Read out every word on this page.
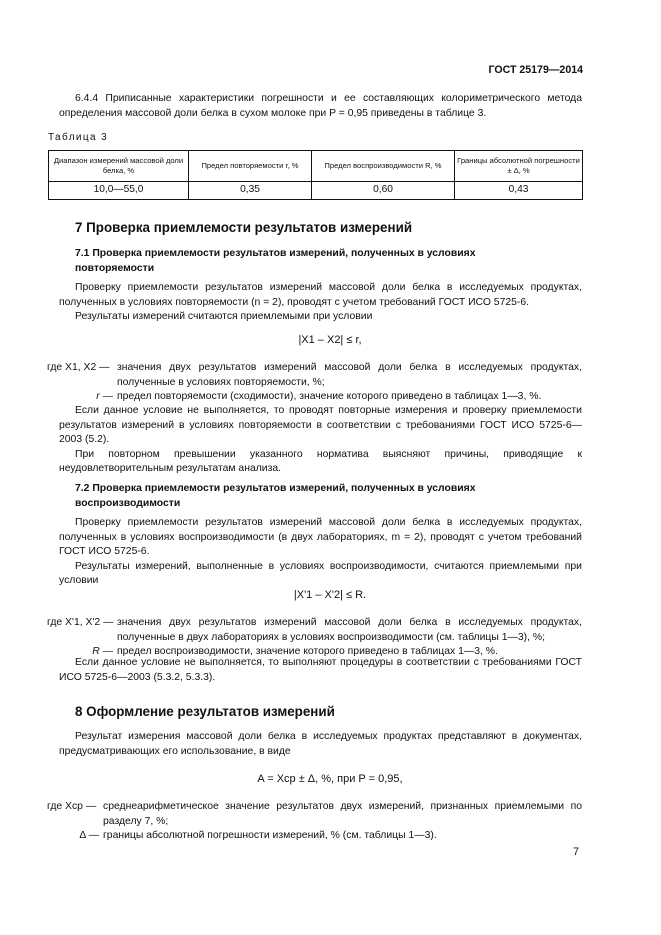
ГОСТ 25179—2014

6.4.4 Приписанные характеристики погрешности и ее составляющих колориметрического метода определения массовой доли белка в сухом молоке при P = 0,95 приведены в таблице 3.

Таблица 3
Диапазон измерений массовой доли белка, %	Предел повторяемости r, %	Предел воспроизводимости R, %	Границы абсолютной погрешности ± Δ, %
10,0—55,0	0,35	0,60	0,43
7 Проверка приемлемости результатов измерений
7.1 Проверка приемлемости результатов измерений, полученных в условиях повторяемости

Проверку приемлемости результатов измерений массовой доли белка в исследуемых продуктах, полученных в условиях повторяемости (n = 2), проводят с учетом требований ГОСТ ИСО 5725-6.

Результаты измерений считаются приемлемыми при условии

|X1 – X2| ≤ r,
где X1, X2 — значения двух результатов измерений массовой доли белка в исследуемых продуктах, полученные в условиях повторяемости, %;
r — предел повторяемости (сходимости), значение которого приведено в таблицах 1—3, %.

Если данное условие не выполняется, то проводят повторные измерения и проверку приемлемости результатов измерений в условиях повторяемости в соответствии с требованиями ГОСТ ИСО 5725-6—2003 (5.2).

При повторном превышении указанного норматива выясняют причины, приводящие к неудовлетворительным результатам анализа.

7.2 Проверка приемлемости результатов измерений, полученных в условиях воспроизводимости

Проверку приемлемости результатов измерений массовой доли белка в исследуемых продуктах, полученных в условиях воспроизводимости (в двух лабораториях, m = 2), проводят с учетом требований ГОСТ ИСО 5725-6.

Результаты измерений, выполненные в условиях воспроизводимости, считаются приемлемыми при условии

|X'1 – X'2| ≤ R.
где X'1, X'2 — значения двух результатов измерений массовой доли белка в исследуемых продуктах, полученные в двух лабораториях в условиях воспроизводимости (см. таблицы 1—3), %;
R — предел воспроизводимости, значение которого приведено в таблицах 1—3, %.

Если данное условие не выполняется, то выполняют процедуры в соответствии с требованиями ГОСТ ИСО 5725-6—2003 (5.3.2, 5.3.3).

8 Оформление результатов измерений

Результат измерения массовой доли белка в исследуемых продуктах представляют в документах, предусматривающих его использование, в виде

A = Xср ± Δ, %, при P = 0,95,
где Xср — среднеарифметическое значение результатов двух измерений, признанных приемлемыми по разделу 7, %;
Δ — границы абсолютной погрешности измерений, % (см. таблицы 1—3).
7
